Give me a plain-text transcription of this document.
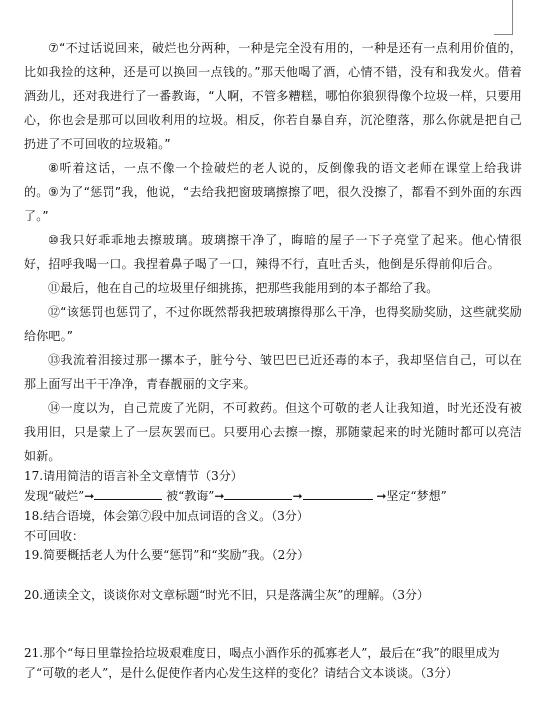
⑦“不过话说回来，破烂也分两种，一种是完全没有用的，一种是还有一点利用价值的，比如我捡的这种，还是可以换回一点钱的。”那天他喝了酒，心情不错，没有和我发火。借着酒劲儿，还对我进行了一番教诲，“人啊，不管多糟糕，哪怕你狼狈得像个垃圾一样，只要用心，你也会是那可以回收利用的垃圾。相反，你若自暴自弃，沉沦堕落，那么你就是把自己扔进了不可回收的垃圾箱。”
⑧听着这话，一点不像一个捡破烂的老人说的，反倒像我的语文老师在课堂上给我讲的。 ⑨为了“惩罚”我，他说，“去给我把窗玻璃擦擦了吧，很久没擦了，都看不到外面的东西了。”
⑩我只好乖乖地去擦玻璃。玻璃擦干净了，晦暗的屋子一下子亮堂了起来。他心情很好，招呼我喝一口。我捏着鼻子喝了一口，辣得不行，直吐舌头，他倒是乐得前仰后合。
⑪最后，他在自己的垃圾里仔细挑拣，把那些我能用到的本子都给了我。
⑫“该惩罚也惩罚了，不过你既然帮我把玻璃擦得那么干净，也得奖励奖励，这些就奖励给你吧。”
⑬我流着泪接过那一摞本子，脏兮兮、皱巴巴已近还毒的本子，我却坚信自己，可以在那上面写出干干净净，青春靓丽的文字来。
⑭一度以为，自己荒废了光阴，不可救药。但这个可敬的老人让我知道，时光还没有被我用旧，只是蒙上了一层灰罢而已。只要用心去擦一擦，那随蒙起来的时光随时都可以亮洁如新。
17.请用简洁的语言补全文章情节（3分）
发现“破烂”➞	被“教诲”➞	➞	➞坚定“梦想”
18.结合语境，体会第⑦段中加点词语的含义。（3分）
不可回收：
19.简要概括老人为什么要“惩罚”和“奖励”我。（2分）
20.通读全文，谈谈你对文章标题“时光不旧，只是落满尘灰”的理解。（3分）
21.那个“每日里靠捡拾垃圾艰难度日，喝点小酒作乐的孤寡老人”，最后在“我”的眼里成为了“可敬的老人”，是什么促使作者内心发生这样的变化？请结合文本谈谈。（3分）
